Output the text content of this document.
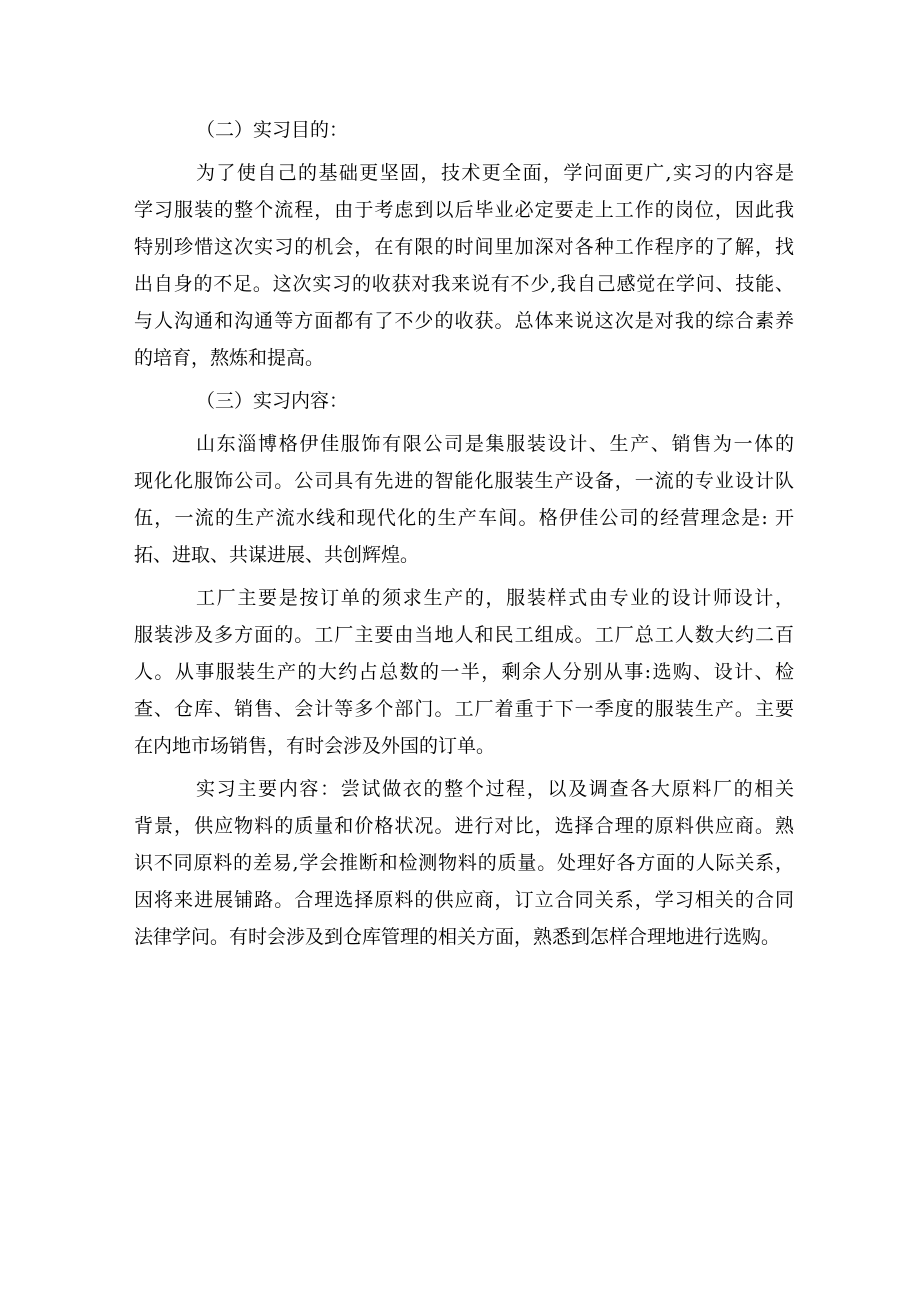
（二）实习目的：

为了使自己的基础更坚固，技术更全面，学问面更广,实习的内容是
学习服装的整个流程，由于考虑到以后毕业必定要走上工作的岗位，因此我
特别珍惜这次实习的机会，在有限的时间里加深对各种工作程序的了解，找
出自身的不足。这次实习的收获对我来说有不少,我自己感觉在学问、技能、
与人沟通和沟通等方面都有了不少的收获。总体来说这次是对我的综合素养
的培育，熬炼和提高。

（三）实习内容：

山东淄博格伊佳服饰有限公司是集服装设计、生产、销售为一体的
现化化服饰公司。公司具有先进的智能化服装生产设备，一流的专业设计队
伍，一流的生产流水线和现代化的生产车间。格伊佳公司的经营理念是: 开
拓、进取、共谋进展、共创辉煌。

工厂主要是按订单的须求生产的，服装样式由专业的设计师设计，
服装涉及多方面的。工厂主要由当地人和民工组成。工厂总工人数大约二百
人。从事服装生产的大约占总数的一半，剩余人分别从事:选购、设计、检
查、仓库、销售、会计等多个部门。工厂着重于下一季度的服装生产。主要
在内地市场销售，有时会涉及外国的订单。

实习主要内容：尝试做衣的整个过程，以及调查各大原料厂的相关
背景，供应物料的质量和价格状况。进行对比，选择合理的原料供应商。熟
识不同原料的差易,学会推断和检测物料的质量。处理好各方面的人际关系，
因将来进展铺路。合理选择原料的供应商，订立合同关系，学习相关的合同
法律学问。有时会涉及到仓库管理的相关方面，熟悉到怎样合理地进行选购。
